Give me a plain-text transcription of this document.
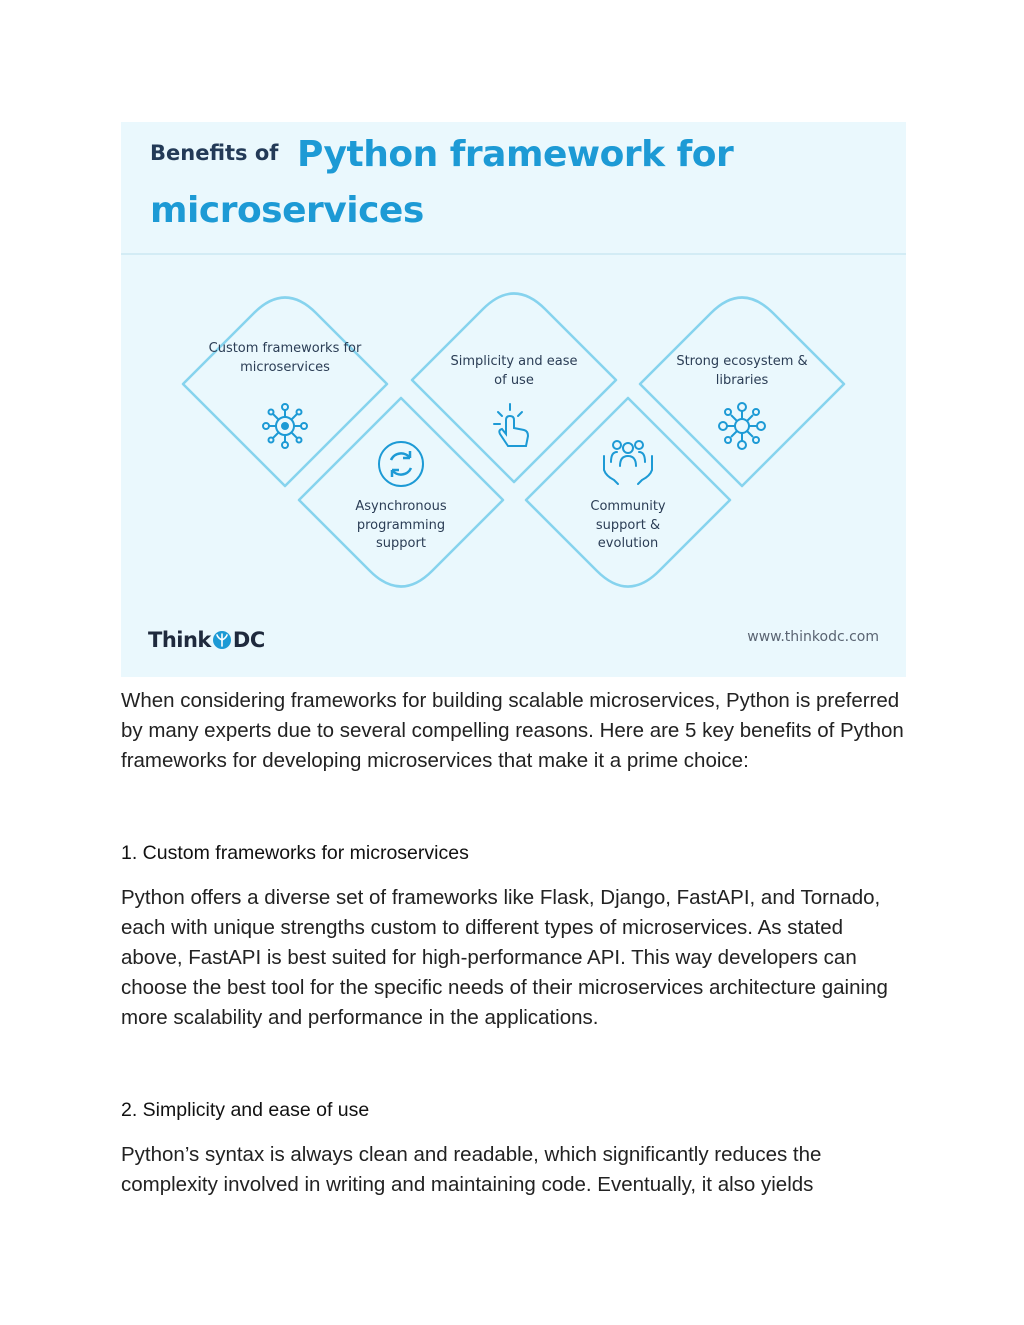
Benefits of Python framework for
microservices
Custom frameworks for microservices
Asynchronous programming support
Simplicity and ease of use
Community support & evolution
Strong ecosystem & libraries
Think DC	www.thinkodc.com

When considering frameworks for building scalable microservices, Python is preferred by many experts due to several compelling reasons. Here are 5 key benefits of Python frameworks for developing microservices that make it a prime choice:

1. Custom frameworks for microservices

Python offers a diverse set of frameworks like Flask, Django, FastAPI, and Tornado, each with unique strengths custom to different types of microservices. As stated above, FastAPI is best suited for high-performance API. This way developers can choose the best tool for the specific needs of their microservices architecture gaining more scalability and performance in the applications.

2. Simplicity and ease of use

Python’s syntax is always clean and readable, which significantly reduces the complexity involved in writing and maintaining code. Eventually, it also yields
